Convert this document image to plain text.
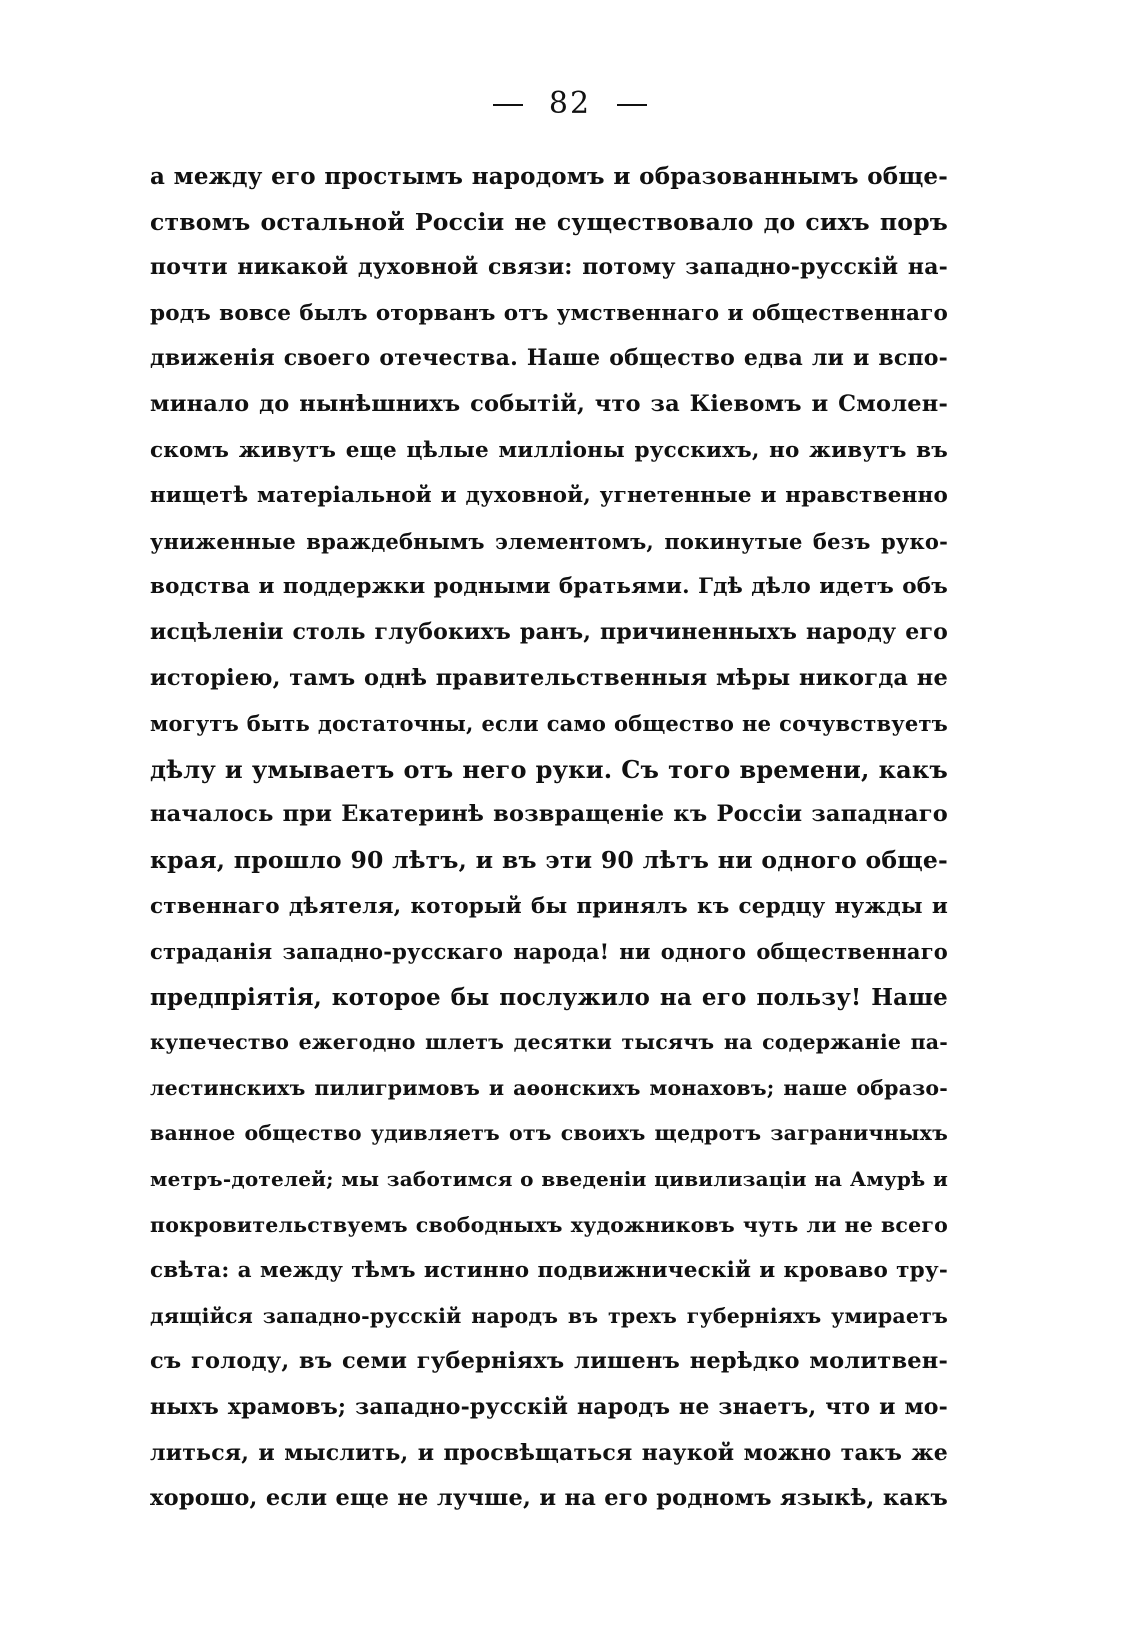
82
а между его простымъ народомъ и образованнымъ обще-
ствомъ остальной Россіи не существовало до сихъ поръ
почти никакой духовной связи: потому западно-русскій на-
родъ вовсе былъ оторванъ отъ умственнаго и общественнаго
движенія своего отечества. Наше общество едва ли и вспо-
минало до нынѣшнихъ событій, что за Кіевомъ и Смолен-
скомъ живутъ еще цѣлые милліоны русскихъ, но живутъ въ
нищетѣ матеріальной и духовной, угнетенные и нравственно
униженные враждебнымъ элементомъ, покинутые безъ руко-
водства и поддержки родными братьями. Гдѣ дѣло идетъ объ
исцѣленіи столь глубокихъ ранъ, причиненныхъ народу его
исторіею, тамъ однѣ правительственныя мѣры никогда не
могутъ быть достаточны, если само общество не сочувствуетъ
дѣлу и умываетъ отъ него руки. Съ того времени, какъ
началось при Екатеринѣ возвращеніе къ Россіи западнаго
края, прошло 90 лѣтъ, и въ эти 90 лѣтъ ни одного обще-
ственнаго дѣятеля, который бы принялъ къ сердцу нужды и
страданія западно-русскаго народа! ни одного общественнаго
предпріятія, которое бы послужило на его пользу! Наше
купечество ежегодно шлетъ десятки тысячъ на содержаніе па-
лестинскихъ пилигримовъ и аѳонскихъ монаховъ; наше образо-
ванное общество удивляетъ отъ своихъ щедротъ заграничныхъ
метръ-дотелей; мы заботимся о введеніи цивилизаціи на Амурѣ и
покровительствуемъ свободныхъ художниковъ чуть ли не всего
свѣта: а между тѣмъ истинно подвижническій и кроваво тру-
дящійся западно-русскій народъ въ трехъ губерніяхъ умираетъ
съ голоду, въ семи губерніяхъ лишенъ нерѣдко молитвен-
ныхъ храмовъ; западно-русскій народъ не знаетъ, что и мо-
литься, и мыслить, и просвѣщаться наукой можно такъ же
хорошо, если еще не лучше, и на его родномъ языкѣ, какъ
